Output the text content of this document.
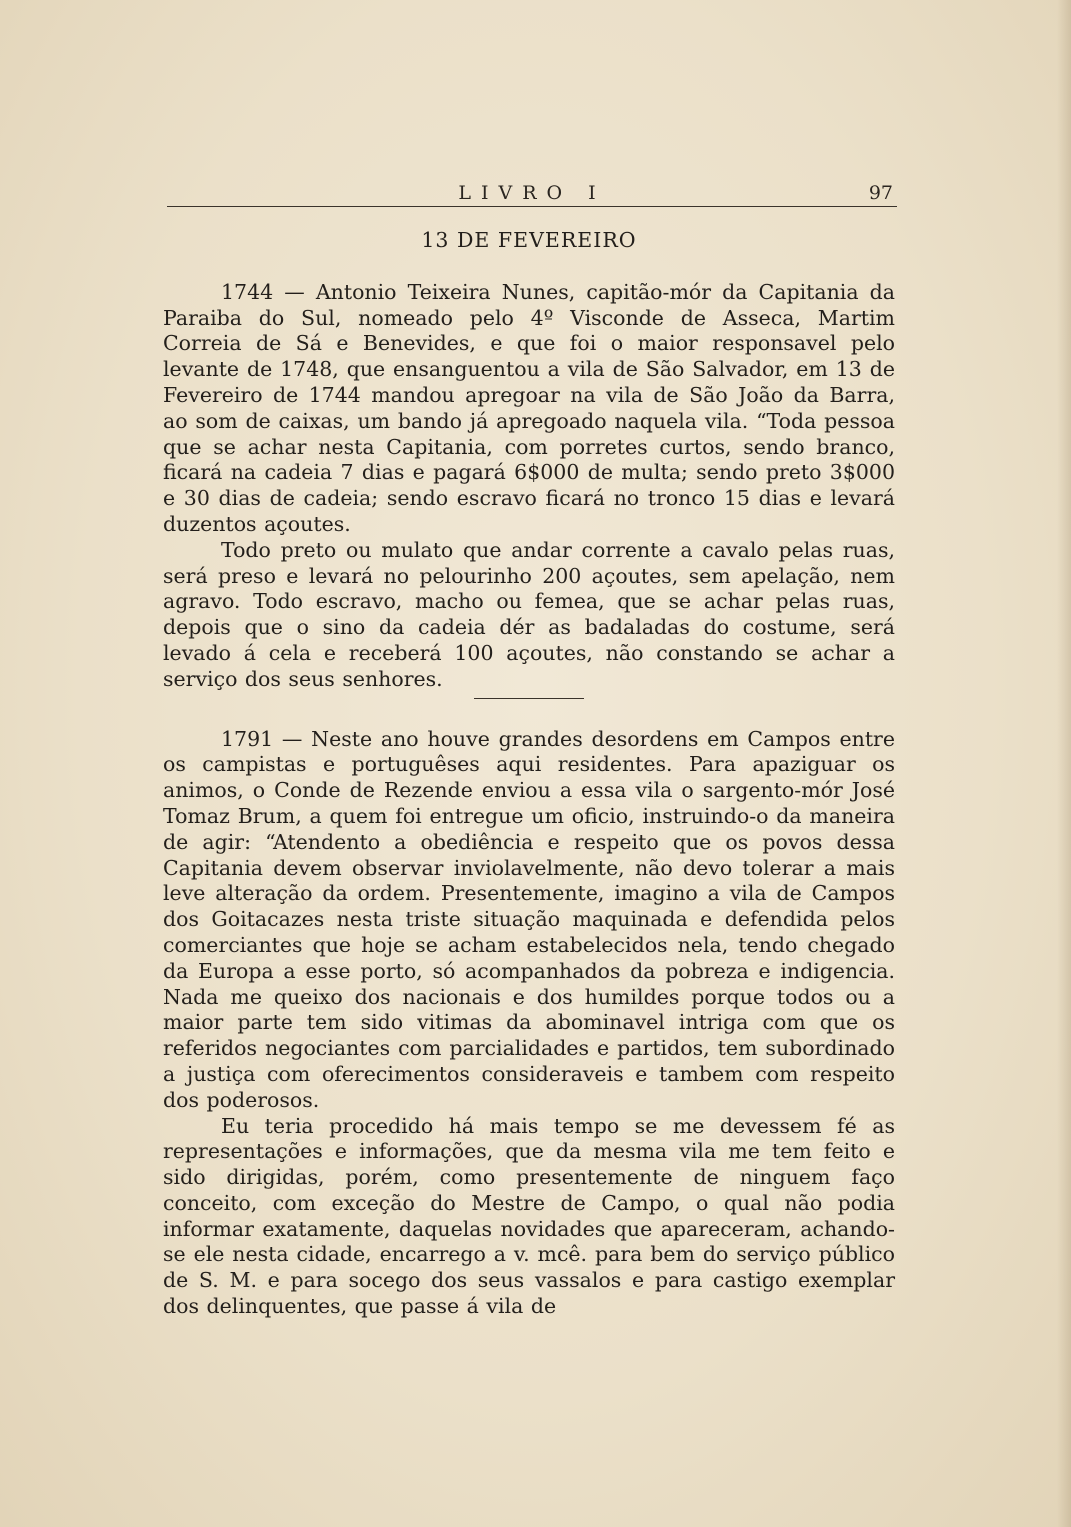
LIVRO I	97
13 DE FEVEREIRO

1744 — Antonio Teixeira Nunes, capitão-mór da Capitania da Paraiba do Sul, nomeado pelo 4º Visconde de Asseca, Martim Correia de Sá e Benevides, e que foi o maior responsavel pelo levante de 1748, que ensanguentou a vila de São Salvador, em 13 de Fevereiro de 1744 mandou apregoar na vila de São João da Barra, ao som de caixas, um bando já apregoado naquela vila. “Toda pessoa que se achar nesta Capitania, com porretes curtos, sendo branco, ficará na cadeia 7 dias e pagará 6$000 de multa; sendo preto 3$000 e 30 dias de cadeia; sendo escravo ficará no tronco 15 dias e levará duzentos açoutes.

Todo preto ou mulato que andar corrente a cavalo pelas ruas, será preso e levará no pelourinho 200 açoutes, sem apelação, nem agravo. Todo escravo, macho ou femea, que se achar pelas ruas, depois que o sino da cadeia dér as badaladas do costume, será levado á cela e receberá 100 açoutes, não constando se achar a serviço dos seus senhores.

1791 — Neste ano houve grandes desordens em Campos entre os campistas e portuguêses aqui residentes. Para apaziguar os animos, o Conde de Rezende enviou a essa vila o sargento-mór José Tomaz Brum, a quem foi entregue um oficio, instruindo-o da maneira de agir: “Atendento a obediência e respeito que os povos dessa Capitania devem observar inviolavelmente, não devo tolerar a mais leve alteração da ordem. Presentemente, imagino a vila de Campos dos Goitacazes nesta triste situação maquinada e defendida pelos comerciantes que hoje se acham estabelecidos nela, tendo chegado da Europa a esse porto, só acompanhados da pobreza e indigencia. Nada me queixo dos nacionais e dos humildes porque todos ou a maior parte tem sido vitimas da abominavel intriga com que os referidos negociantes com parcialidades e partidos, tem subordinado a justiça com oferecimentos consideraveis e tambem com respeito dos poderosos.

Eu teria procedido há mais tempo se me devessem fé as representações e informações, que da mesma vila me tem feito e sido dirigidas, porém, como presentemente de ninguem faço conceito, com exceção do Mestre de Campo, o qual não podia informar exatamente, daquelas novidades que apareceram, achando-se ele nesta cidade, encarrego a v. mcê. para bem do serviço público de S. M. e para socego dos seus vassalos e para castigo exemplar dos delinquentes, que passe á vila de
